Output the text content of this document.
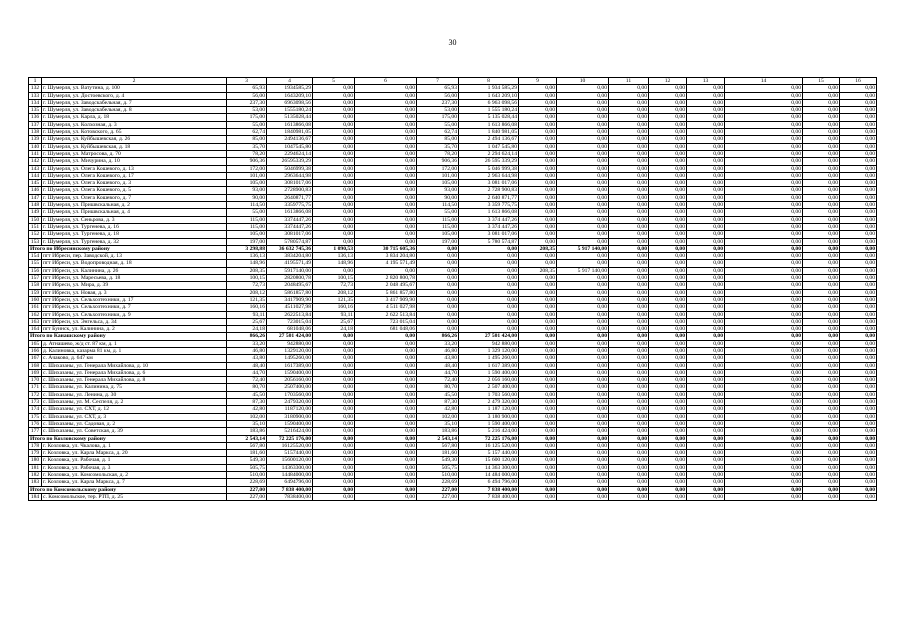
30
1	2	3	4	5	6	7	8	9	10	11	12	13	14	15	16
132	г. Шумерля, ул. Ватутина, д. 100	65,93	1934585,29	0,00	0,00	65,93	1 934 585,29	0,00	0,00	0,00	0,00	0,00	0,00	0,00	0,00
133	г. Шумерля, ул. Достоевского, д. 4	56,00	1643209,10	0,00	0,00	56,00	1 643 209,10	0,00	0,00	0,00	0,00	0,00	0,00	0,00	0,00
134	г. Шумерля, ул. Заводcкабельная, д. 7	237,30	6963098,56	0,00	0,00	237,30	6 963 098,56	0,00	0,00	0,00	0,00	0,00	0,00	0,00	0,00
135	г. Шумерля, ул. Заводcкабельная, д. 8	53,00	1555180,24	0,00	0,00	53,00	1 555 180,24	0,00	0,00	0,00	0,00	0,00	0,00	0,00	0,00
136	г. Шумерля, ул. Карла, д. 18	175,00	5135028,44	0,00	0,00	175,00	5 135 028,44	0,00	0,00	0,00	0,00	0,00	0,00	0,00	0,00
137	г. Шумерля, ул. Колхозная, д. 3	55,00	1613866,08	0,00	0,00	55,00	1 613 866,08	0,00	0,00	0,00	0,00	0,00	0,00	0,00	0,00
138	г. Шумерля, ул. Котовского, д. 65	62,74	1840981,05	0,00	0,00	62,74	1 840 981,05	0,00	0,00	0,00	0,00	0,00	0,00	0,00	0,00
139	г. Шумерля, ул. Куйбышевская, д. 26	85,00	2494136,67	0,00	0,00	85,00	2 494 136,67	0,00	0,00	0,00	0,00	0,00	0,00	0,00	0,00
140	г. Шумерля, ул. Куйбышевская, д. 18	35,70	1047545,80	0,00	0,00	35,70	1 047 545,80	0,00	0,00	0,00	0,00	0,00	0,00	0,00	0,00
141	г. Шумерля, ул. Матросова, д. 70	78,20	2294624,14	0,00	0,00	78,20	2 294 624,14	0,00	0,00	0,00	0,00	0,00	0,00	0,00	0,00
142	г. Шумерля, ул. Мичурина, д. 10	906,36	26595339,29	0,00	0,00	906,36	26 595 339,29	0,00	0,00	0,00	0,00	0,00	0,00	0,00	0,00
143	г. Шумерля, ул. Олега Кошевого, д. 13	172,00	5046999,38	0,00	0,00	172,00	5 046 999,38	0,00	0,00	0,00	0,00	0,00	0,00	0,00	0,00
144	г. Шумерля, ул. Олега Кошевого, д. 17	101,00	2963644,98	0,00	0,00	101,00	2 963 644,98	0,00	0,00	0,00	0,00	0,00	0,00	0,00	0,00
145	г. Шумерля, ул. Олега Кошевого, д. 3	105,00	3081017,06	0,00	0,00	105,00	3 081 017,06	0,00	0,00	0,00	0,00	0,00	0,00	0,00	0,00
146	г. Шумерля, ул. Олега Кошевого, д. 5	93,00	2728900,83	0,00	0,00	93,00	2 728 900,83	0,00	0,00	0,00	0,00	0,00	0,00	0,00	0,00
147	г. Шумерля, ул. Олега Кошевого, д. 7	90,00	2640871,77	0,00	0,00	90,00	2 640 871,77	0,00	0,00	0,00	0,00	0,00	0,00	0,00	0,00
148	г. Шумерля, ул. Пришвскальная, д. 2	114,50	3359775,75	0,00	0,00	114,50	3 359 775,75	0,00	0,00	0,00	0,00	0,00	0,00	0,00	0,00
149	г. Шумерля, ул. Пришвскальная, д. 4	55,00	1613866,08	0,00	0,00	55,00	1 613 866,08	0,00	0,00	0,00	0,00	0,00	0,00	0,00	0,00
150	г. Шумерля, ул. Сеньрова, д. 3	115,00	3374447,26	0,00	0,00	115,00	3 374 447,26	0,00	0,00	0,00	0,00	0,00	0,00	0,00	0,00
151	г. Шумерля, ул. Тургенева, д. 16	115,00	3374447,26	0,00	0,00	115,00	3 374 447,26	0,00	0,00	0,00	0,00	0,00	0,00	0,00	0,00
152	г. Шумерля, ул. Тургенева, д. 18	105,00	3081017,06	0,00	0,00	105,00	3 081 017,06	0,00	0,00	0,00	0,00	0,00	0,00	0,00	0,00
153	г. Шумерля, ул. Тургенева, д. 32	197,00	5780574,87	0,00	0,00	197,00	5 780 574,87	0,00	0,00	0,00	0,00	0,00	0,00	0,00	0,00
Итого по Ибресинскому району		3 298,88	36 632 745,36	1 090,53	30 715 605,36	0,00	0,00	208,35	5 917 140,00	0,00	0,00	0,00	0,00	0,00	0,00
154	пгт Ибреси, пер. Заводской, д. 13	136,13	3834204,80	136,13	3 834 204,80	0,00	0,00	0,00	0,00	0,00	0,00	0,00	0,00	0,00	0,00
155	пгт Ибреси, ул. Водопроводная, д. 18	148,96	4195571,49	148,96	4 195 571,49	0,00	0,00	0,00	0,00	0,00	0,00	0,00	0,00	0,00	0,00
156	пгт Ибреси, ул. Калинина, д. 26	208,35	5917140,00	0,00	0,00	0,00	0,00	208,35	5 917 140,00	0,00	0,00	0,00	0,00	0,00	0,00
157	пгт Ибреси, ул. Маресьева, д. 18	100,15	2820800,78	100,15	2 820 800,78	0,00	0,00	0,00	0,00	0,00	0,00	0,00	0,00	0,00	0,00
158	пгт Ибреси, ул. Мира, д. 39	72,73	2048495,67	72,73	2 048 495,67	0,00	0,00	0,00	0,00	0,00	0,00	0,00	0,00	0,00	0,00
159	пгт Ибреси, ул. Новая, д. 3	208,12	5861857,80	208,12	5 861 857,80	0,00	0,00	0,00	0,00	0,00	0,00	0,00	0,00	0,00	0,00
160	пгт Ибреси, ул. Сельхозтехники, д. 17	121,35	3417909,90	121,35	3 417 909,90	0,00	0,00	0,00	0,00	0,00	0,00	0,00	0,00	0,00	0,00
161	пгт Ибреси, ул. Сельхозтехники, д. 7	160,16	4511027,98	160,16	4 511 027,98	0,00	0,00	0,00	0,00	0,00	0,00	0,00	0,00	0,00	0,00
162	пгт Ибреси, ул. Сельхозтехники, д. 9	93,11	2622513,84	93,11	2 622 513,84	0,00	0,00	0,00	0,00	0,00	0,00	0,00	0,00	0,00	0,00
163	пгт Ибреси, ул. Энгельса, д. 34	25,67	723015,04	25,67	723 015,04	0,00	0,00	0,00	0,00	0,00	0,00	0,00	0,00	0,00	0,00
164	пгт Буинск, ул. Калинина, д. 2	24,18	681048,06	24,18	681 048,06	0,00	0,00	0,00	0,00	0,00	0,00	0,00	0,00	0,00	0,00
Итого по Канашскому району		866,26	27 501 424,00	0,00	0,00	866,26	27 501 424,00	0,00	0,00	0,00	0,00	0,00	0,00	0,00	0,00
165	д. Атнашево, ж/д ст. 87 км, д. 1	33,20	942880,00	0,00	0,00	33,20	942 880,00	0,00	0,00	0,00	0,00	0,00	0,00	0,00	0,00
166	д. Калиновка, казарма 81 км, д. 1	46,80	1329120,00	0,00	0,00	46,80	1 329 120,00	0,00	0,00	0,00	0,00	0,00	0,00	0,00	0,00
167	с. Ачаково, д. 647 км	43,80	1495260,00	0,00	0,00	43,80	1 495 260,00	0,00	0,00	0,00	0,00	0,00	0,00	0,00	0,00
168	с. Шихазаны, ул. Генерала Михайлова, д. 10	48,40	1617389,00	0,00	0,00	48,40	1 617 389,00	0,00	0,00	0,00	0,00	0,00	0,00	0,00	0,00
169	с. Шихазаны, ул. Генерала Михайлова, д. 6	44,70	1590400,00	0,00	0,00	44,70	1 590 400,00	0,00	0,00	0,00	0,00	0,00	0,00	0,00	0,00
170	с. Шихазаны, ул. Генерала Михайлова, д. 8	72,40	2056160,00	0,00	0,00	72,40	2 056 160,00	0,00	0,00	0,00	0,00	0,00	0,00	0,00	0,00
171	с. Шихазаны, ул. Калинина, д. 75	80,70	2507400,00	0,00	0,00	80,70	2 507 400,00	0,00	0,00	0,00	0,00	0,00	0,00	0,00	0,00
172	с. Шихазаны, ул. Ленина, д. 30	45,50	1703560,00	0,00	0,00	45,50	1 703 560,00	0,00	0,00	0,00	0,00	0,00	0,00	0,00	0,00
173	с. Шихазаны, ул. М. Сеспеля, д. 2	87,30	2479320,00	0,00	0,00	87,30	2 479 320,00	0,00	0,00	0,00	0,00	0,00	0,00	0,00	0,00
174	с. Шихазаны, ул. СХТ, д. 12	42,80	1187120,00	0,00	0,00	42,80	1 187 120,00	0,00	0,00	0,00	0,00	0,00	0,00	0,00	0,00
175	с. Шихазаны, ул. СХТ, д. 3	102,00	3180900,00	0,00	0,00	102,00	3 180 900,00	0,00	0,00	0,00	0,00	0,00	0,00	0,00	0,00
176	с. Шихазаны, ул. Садовая, д. 2	35,10	1590400,00	0,00	0,00	35,10	1 590 400,00	0,00	0,00	0,00	0,00	0,00	0,00	0,00	0,00
177	с. Шихазаны, ул. Советская, д. 39	183,86	5216424,00	0,00	0,00	183,86	5 216 424,00	0,00	0,00	0,00	0,00	0,00	0,00	0,00	0,00
Итого по Козловскому району		2 543,14	72 225 176,00	0,00	0,00	2 543,14	72 225 176,00	0,00	0,00	0,00	0,00	0,00	0,00	0,00	0,00
178	г. Козловка, ул. Чкалова, д. 1	567,80	16125520,00	0,00	0,00	567,80	16 125 520,00	0,00	0,00	0,00	0,00	0,00	0,00	0,00	0,00
179	г. Козловка, ул. Карла Маркса, д. 20	181,60	5157440,00	0,00	0,00	181,60	5 157 440,00	0,00	0,00	0,00	0,00	0,00	0,00	0,00	0,00
180	г. Козловка, ул. Рабочая, д. 1	549,30	15600120,00	0,00	0,00	549,30	15 600 120,00	0,00	0,00	0,00	0,00	0,00	0,00	0,00	0,00
181	г. Козловка, ул. Рабочая, д. 3	505,75	14363300,00	0,00	0,00	505,75	14 363 300,00	0,00	0,00	0,00	0,00	0,00	0,00	0,00	0,00
182	г. Козловка, ул. Комсомольская, д. 2	510,00	14484000,00	0,00	0,00	510,00	14 484 000,00	0,00	0,00	0,00	0,00	0,00	0,00	0,00	0,00
183	г. Козловка, ул. Карла Маркса, д. 7	228,69	6494796,00	0,00	0,00	228,69	6 494 796,00	0,00	0,00	0,00	0,00	0,00	0,00	0,00	0,00
Итого по Комсомольскому району		227,00	7 838 400,00	0,00	0,00	227,00	7 838 400,00	0,00	0,00	0,00	0,00	0,00	0,00	0,00	0,00
184	с. Комсомольское, тер. РТП, д. 25	227,00	7838400,00	0,00	0,00	227,00	7 838 400,00	0,00	0,00	0,00	0,00	0,00	0,00	0,00	0,00
